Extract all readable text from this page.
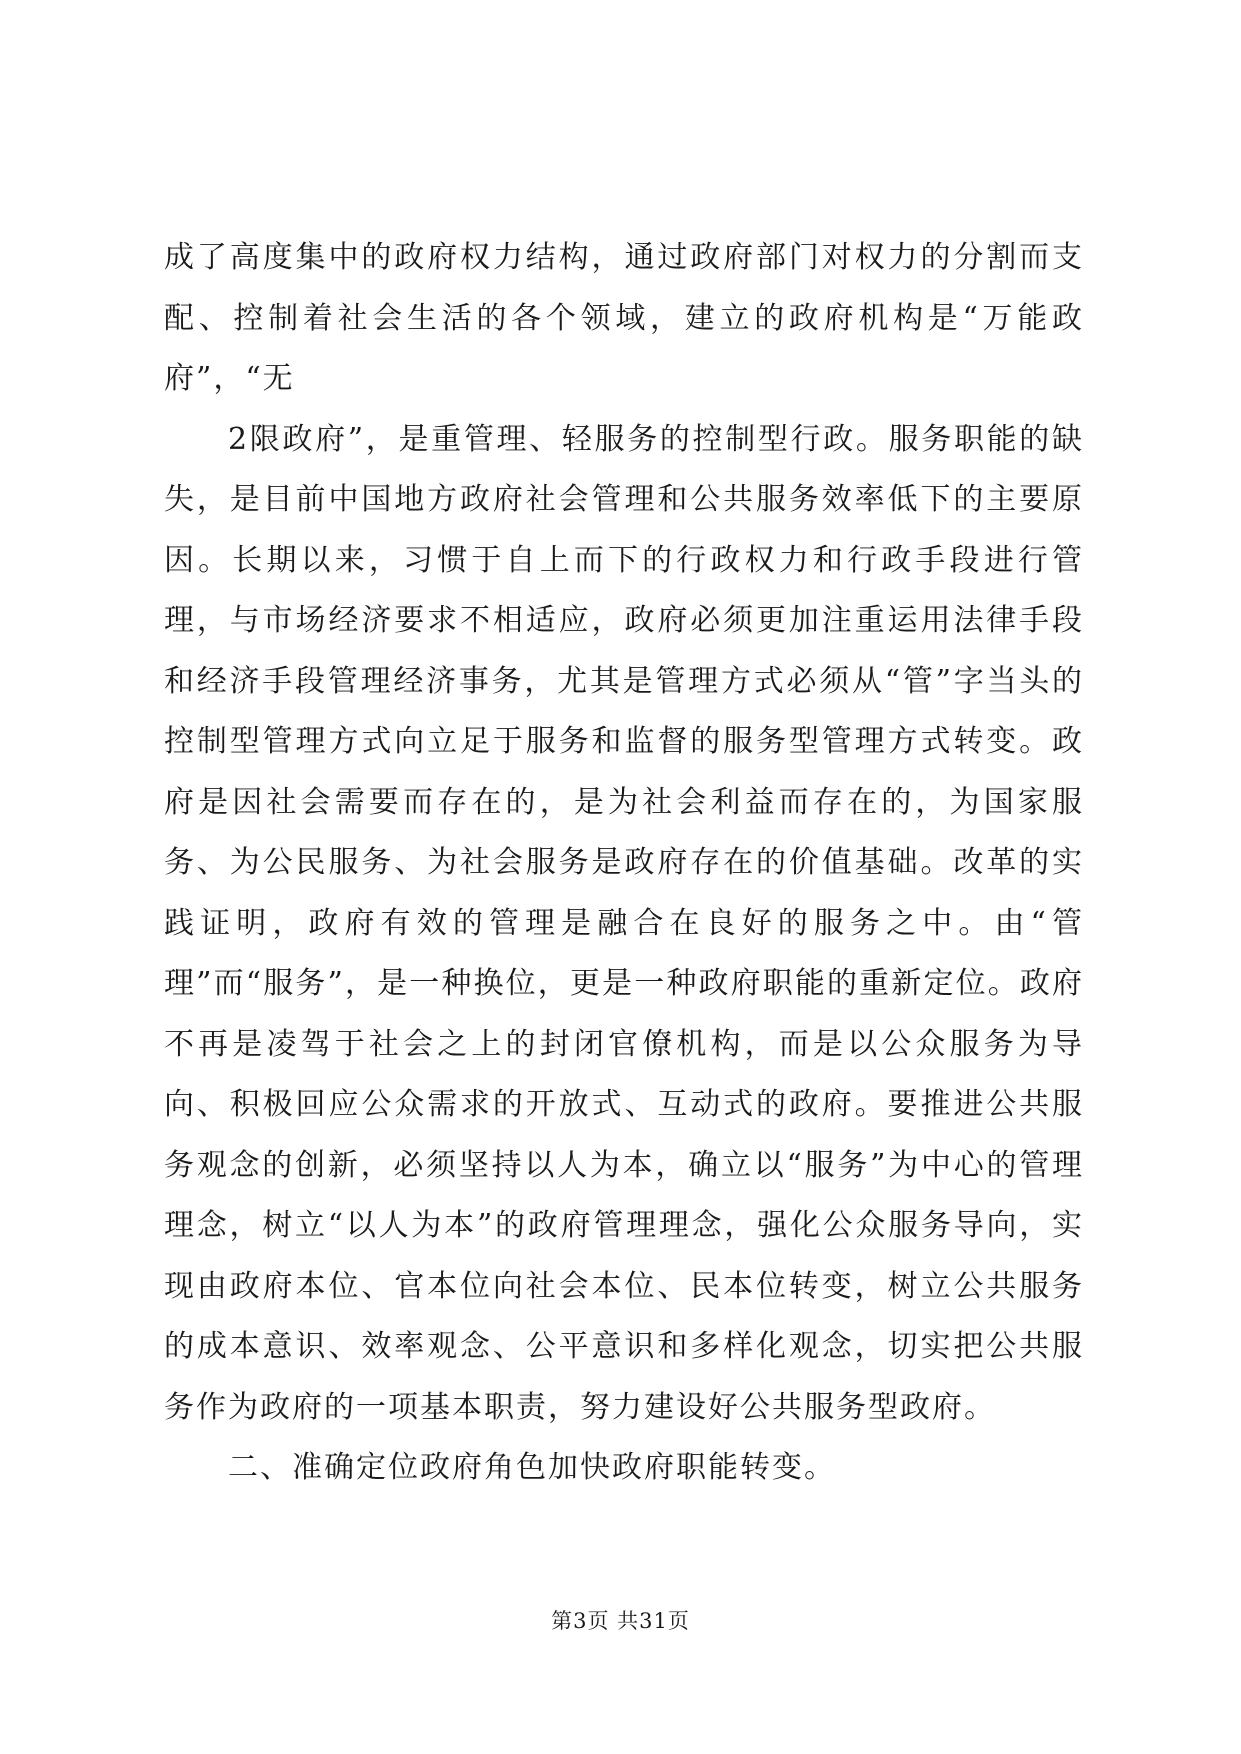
成了高度集中的政府权力结构，通过政府部门对权力的分割而支配、控制着社会生活的各个领域，建立的政府机构是“万能政府”，“无

2限政府”，是重管理、轻服务的控制型行政。服务职能的缺失，是目前中国地方政府社会管理和公共服务效率低下的主要原因。长期以来，习惯于自上而下的行政权力和行政手段进行管理，与市场经济要求不相适应，政府必须更加注重运用法律手段和经济手段管理经济事务，尤其是管理方式必须从“管”字当头的控制型管理方式向立足于服务和监督的服务型管理方式转变。政府是因社会需要而存在的，是为社会利益而存在的，为国家服务、为公民服务、为社会服务是政府存在的价值基础。改革的实践证明，政府有效的管理是融合在良好的服务之中。由“管理”而“服务”，是一种换位，更是一种政府职能的重新定位。政府不再是凌驾于社会之上的封闭官僚机构，而是以公众服务为导向、积极回应公众需求的开放式、互动式的政府。要推进公共服务观念的创新，必须坚持以人为本，确立以“服务”为中心的管理理念，树立“以人为本”的政府管理理念，强化公众服务导向，实现由政府本位、官本位向社会本位、民本位转变，树立公共服务的成本意识、效率观念、公平意识和多样化观念，切实把公共服务作为政府的一项基本职责，努力建设好公共服务型政府。

二、准确定位政府角色加快政府职能转变。

第3页 共31页
